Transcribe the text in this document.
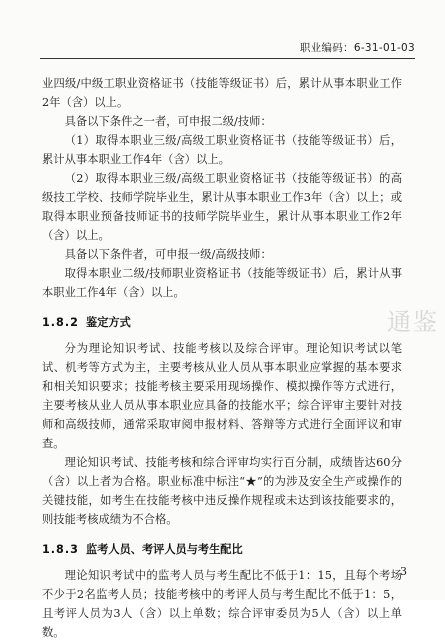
职业编码：6-31-01-03
通鉴

业四级/中级工职业资格证书（技能等级证书）后，累计从事本职业工作2年（含）以上。

具备以下条件之一者，可申报二级/技师：

（1）取得本职业三级/高级工职业资格证书（技能等级证书）后，累计从事本职业工作4年（含）以上。

（2）取得本职业三级/高级工职业资格证书（技能等级证书）的高级技工学校、技师学院毕业生，累计从事本职业工作3年（含）以上；或取得本职业预备技师证书的技师学院毕业生，累计从事本职业工作2年（含）以上。

具备以下条件者，可申报一级/高级技师：

取得本职业二级/技师职业资格证书（技能等级证书）后，累计从事本职业工作4年（含）以上。

1.8.2 鉴定方式

分为理论知识考试、技能考核以及综合评审。理论知识考试以笔试、机考等方式为主，主要考核从业人员从事本职业应掌握的基本要求和相关知识要求；技能考核主要采用现场操作、模拟操作等方式进行，主要考核从业人员从事本职业应具备的技能水平；综合评审主要针对技师和高级技师，通常采取审阅申报材料、答辩等方式进行全面评议和审查。

理论知识考试、技能考核和综合评审均实行百分制，成绩皆达60分（含）以上者为合格。职业标准中标注“★”的为涉及安全生产或操作的关键技能，如考生在技能考核中违反操作规程或未达到该技能要求的，则技能考核成绩为不合格。

1.8.3 监考人员、考评人员与考生配比

理论知识考试中的监考人员与考生配比不低于1：15，且每个考场不少于2名监考人员；技能考核中的考评人员与考生配比不低于1：5，且考评人员为3人（含）以上单数；综合评审委员为5人（含）以上单数。

3
